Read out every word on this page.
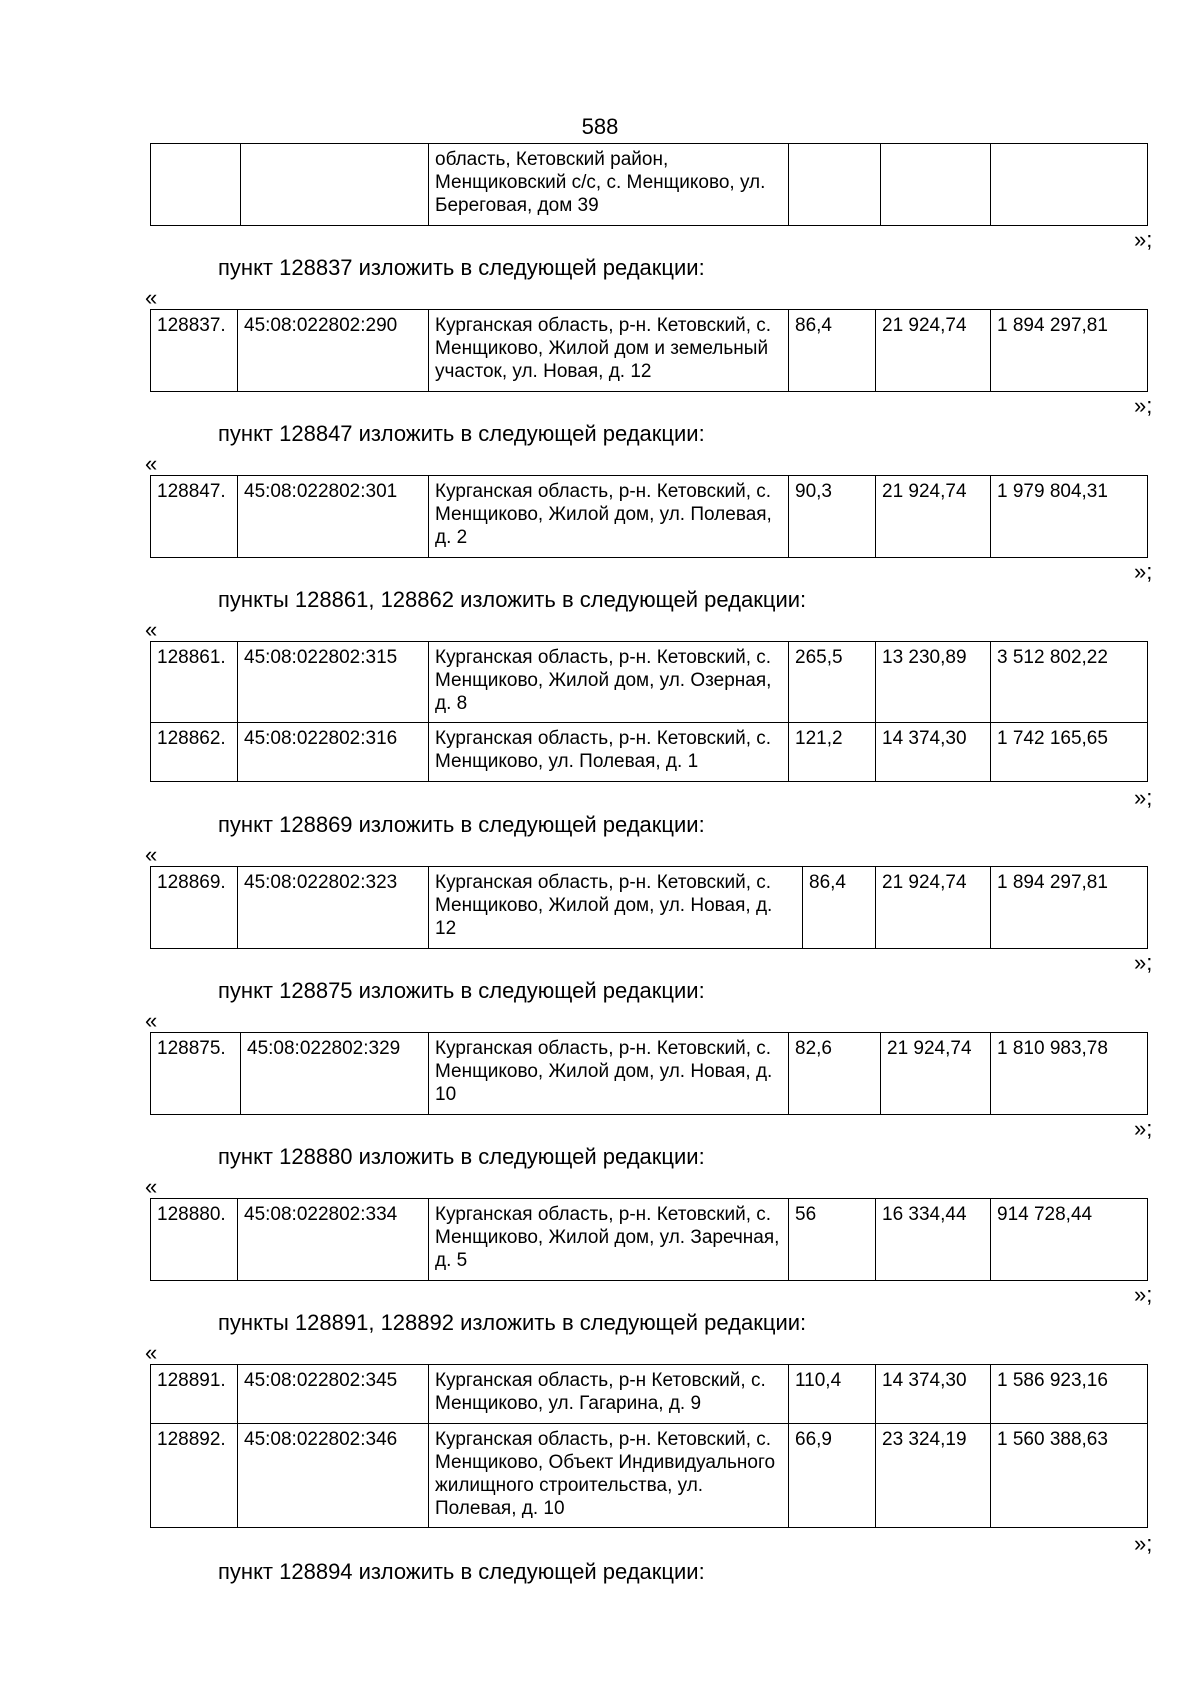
588
		область, Кетовский район, Менщиковский с/с, с. Менщиково, ул. Береговая, дом 39			
»;
пункт 128837 изложить в следующей редакции:
«
128837.	45:08:022802:290	Курганская область, р-н. Кетовский, с. Менщиково, Жилой дом и земельный участок, ул. Новая, д. 12	86,4	21 924,74	1 894 297,81
»;
пункт 128847 изложить в следующей редакции:
«
128847.	45:08:022802:301	Курганская область, р-н. Кетовский, с. Менщиково, Жилой дом, ул. Полевая, д. 2	90,3	21 924,74	1 979 804,31
»;
пункты 128861, 128862 изложить в следующей редакции:
«
128861.	45:08:022802:315	Курганская область, р-н. Кетовский, с. Менщиково, Жилой дом, ул. Озерная, д. 8	265,5	13 230,89	3 512 802,22
128862.	45:08:022802:316	Курганская область, р-н. Кетовский, с. Менщиково, ул. Полевая, д. 1	121,2	14 374,30	1 742 165,65
»;
пункт 128869 изложить в следующей редакции:
«
128869.	45:08:022802:323	Курганская область, р-н. Кетовский, с. Менщиково, Жилой дом, ул. Новая, д. 12	86,4	21 924,74	1 894 297,81
»;
пункт 128875 изложить в следующей редакции:
«
128875.	45:08:022802:329	Курганская область, р-н. Кетовский, с. Менщиково, Жилой дом, ул. Новая, д. 10	82,6	21 924,74	1 810 983,78
»;
пункт 128880 изложить в следующей редакции:
«
128880.	45:08:022802:334	Курганская область, р-н. Кетовский, с. Менщиково, Жилой дом, ул. Заречная, д. 5	56	16 334,44	914 728,44
»;
пункты 128891, 128892 изложить в следующей редакции:
«
128891.	45:08:022802:345	Курганская область, р-н Кетовский, с. Менщиково, ул. Гагарина, д. 9	110,4	14 374,30	1 586 923,16
128892.	45:08:022802:346	Курганская область, р-н. Кетовский, с. Менщиково, Объект Индивидуального жилищного строительства, ул. Полевая, д. 10	66,9	23 324,19	1 560 388,63
»;
пункт 128894 изложить в следующей редакции:
